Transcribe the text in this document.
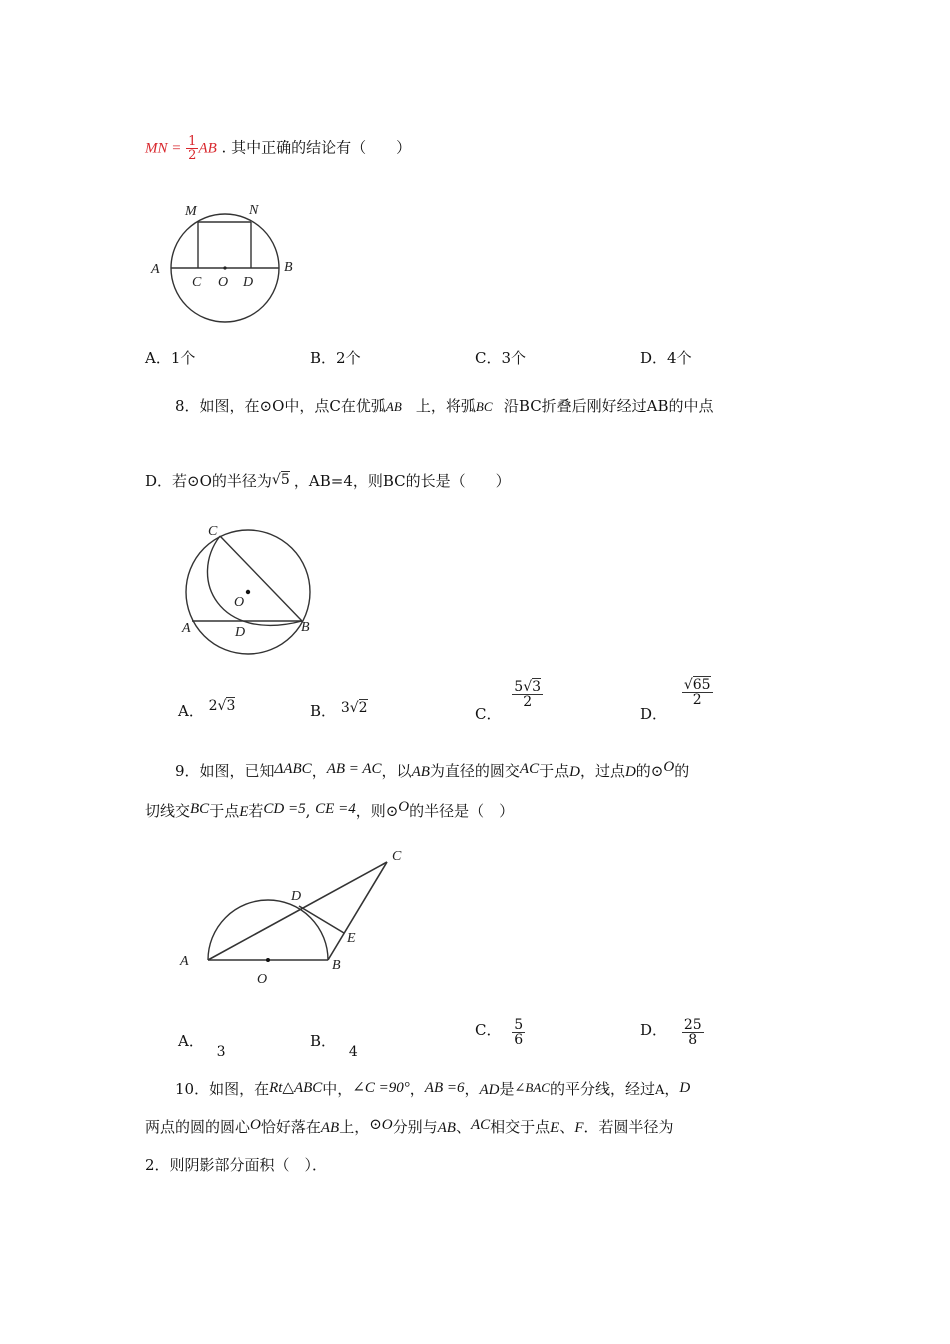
MN = $\frac{1}{2}$ AB . 其中正确的结论有（　　）
M	N
A	B
C O D
A．1个	B．2个	C．3个	D．4个
8．如图，在⊙O中，点C在优弧 AB 上，将弧 BC 沿BC折叠后刚好经过AB的中点
D．若⊙O的半径为 √5 ，AB=4，则BC的长是（　　）
C
O
A	D	B
A． 2√3	B． 3√2	C．
$\frac{5√3}{2}$
D．
$\frac{√65}{2}$
9．如图，已知ΔABC，AB = AC，以AB为直径的圆交AC于点D，过点D的⊙O的
切线交BC于点E若CD =5, CE =4，则⊙O的半径是（　）
C
D
E
A
O
B
A． 3
B． 4
C． $\frac{5}{6}$	D． $\frac{25}{8}$
10．如图，在Rt△ABC中，∠C =90°，AB =6，AD是∠BAC的平分线，经过A，D
两点的圆的圆心O恰好落在AB上，⊙O分别与AB、AC相交于点E、F．若圆半径为
2．则阴影部分面积（　）．
